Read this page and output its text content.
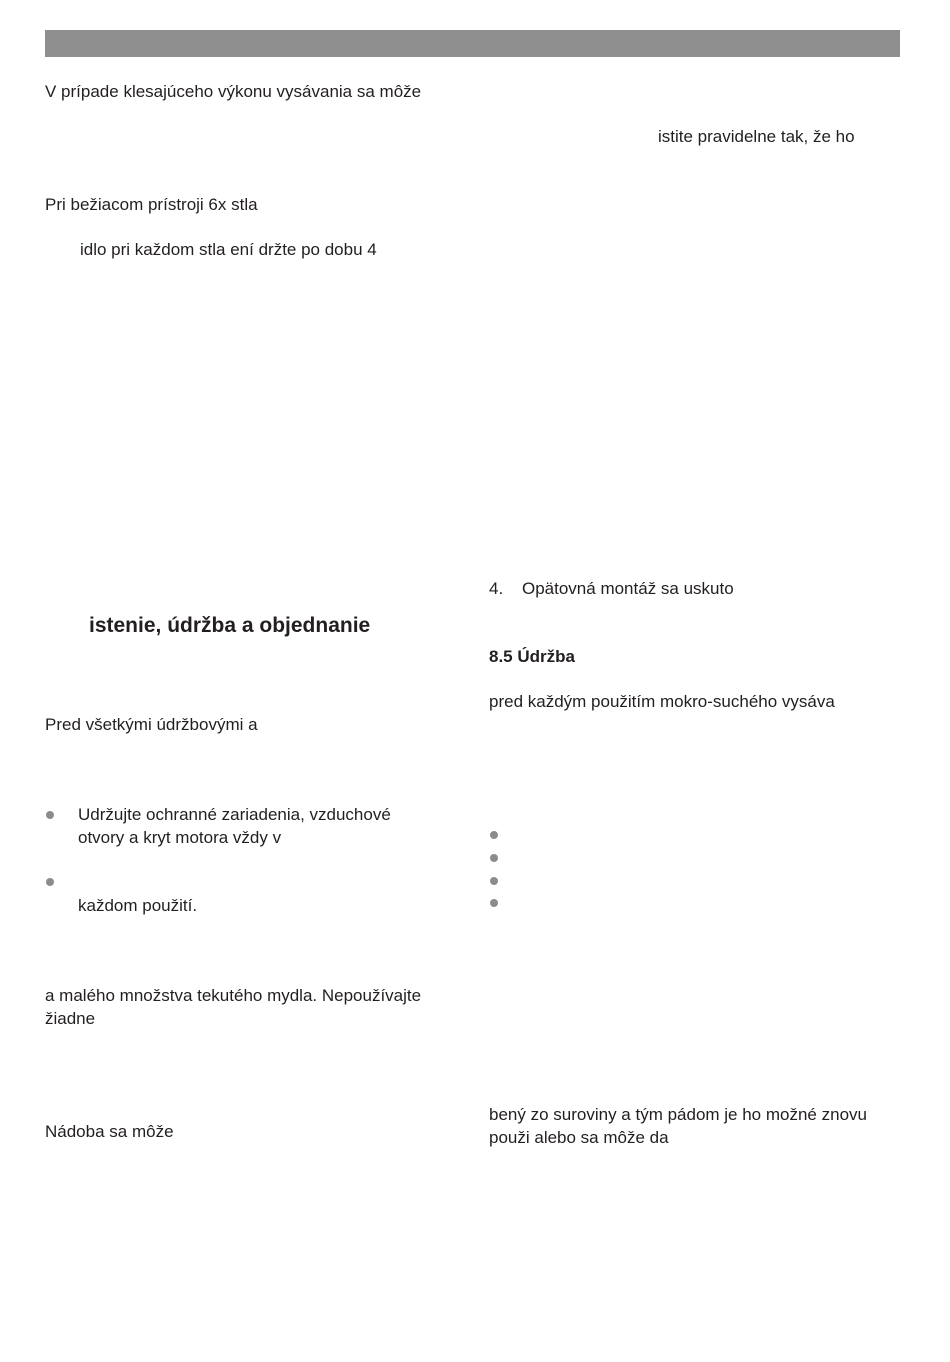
V prípade klesajúceho výkonu vysávania sa môže
Pri bežiacom prístroji 6x stla
idlo pri každom stla ení držte po dobu 4
istenie, údržba a objednanie
Pred všetkými údržbovými a
Udržujte ochranné zariadenia, vzduchové
otvory a kryt motora vždy v
každom použití.
a malého množstva tekutého mydla. Nepoužívajte
žiadne
Nádoba sa môže
istite pravidelne tak, že ho
4. Opätovná montáž sa uskuto
8.5 Údržba
pred každým použitím mokro-suchého vysáva
bený zo suroviny a tým pádom je ho možné znovu
použi alebo sa môže da
